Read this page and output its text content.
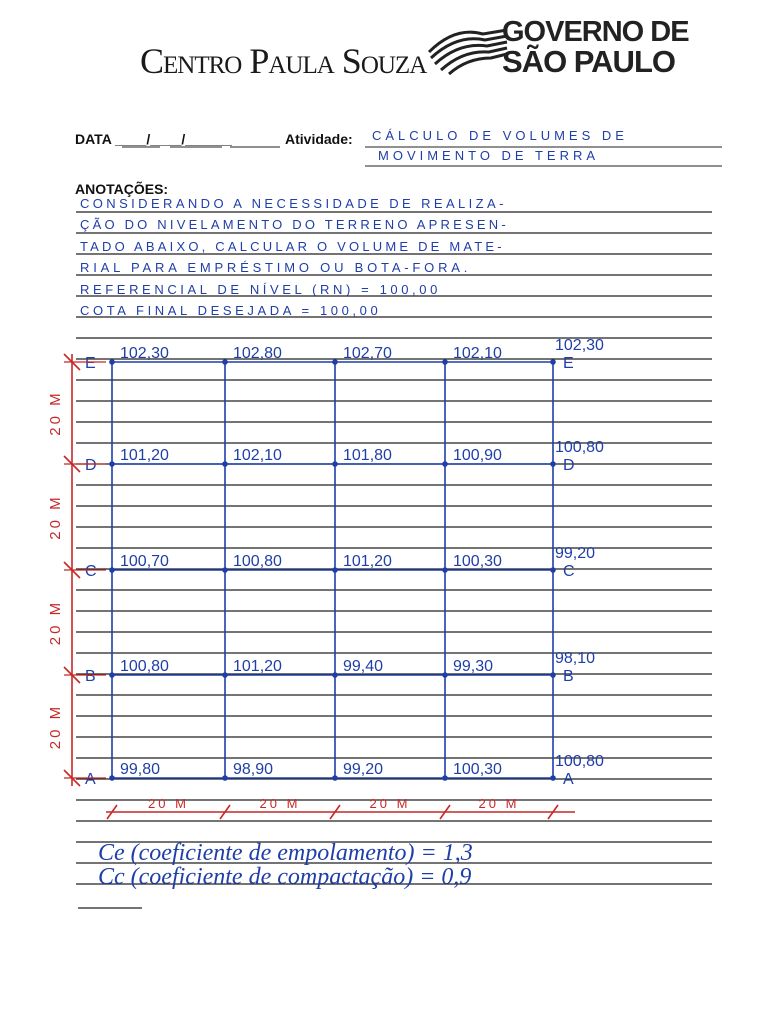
Centro Paula Souza
GOVERNO DE
SÃO PAULO
DATA ____/____/______	Atividade: CÁLCULO DE VOLUMES DE
MOVIMENTO DE TERRA
ANOTAÇÕES:
CONSIDERANDO A NECESSIDADE DE REALIZA-
ÇÃO DO NIVELAMENTO DO TERRENO APRESEN-
TADO ABAIXO, CALCULAR O VOLUME DE MATE-
RIAL PARA EMPRÉSTIMO OU BOTA-FORA.
REFERENCIAL DE NÍVEL (RN) = 100,00
COTA FINAL DESEJADA = 100,00
102,30	102,80	102,70	102,10	102,30
101,20	102,10	101,80	100,90	100,80
100,70	100,80	101,20	100,30	99,20
100,80	101,20	99,40	99,30	98,10
99,80	98,90	99,20	100,30	100,80
E	E
D	D
C	C
B	B
A	A
20 M
20 M
20 M
20 M
20 M	20 M	20 M	20 M
Ce (coeficiente de empolamento) = 1,3
Cc (coeficiente de compactação) = 0,9
